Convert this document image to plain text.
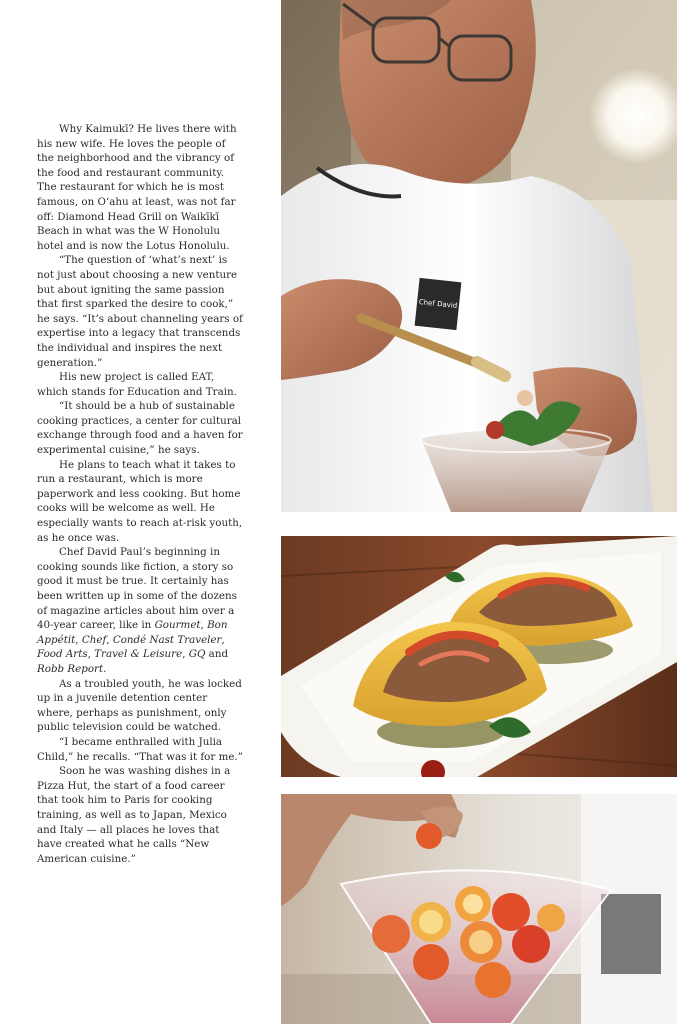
Why Kaimukī? He lives there with his new wife. He loves the people of the neighborhood and the vibrancy of the food and restaurant community. The restaurant for which he is most famous, on O‘ahu at least, was not far off: Diamond Head Grill on Waikīkī Beach in what was the W Honolulu hotel and is now the Lotus Honolulu.

“The question of ‘what’s next’ is not just about choosing a new venture but about igniting the same passion that first sparked the desire to cook,” he says. “It’s about channeling years of expertise into a legacy that transcends the individual and inspires the next generation.”

His new project is called EAT, which stands for Education and Train.

“It should be a hub of sustainable cooking practices, a center for cultural exchange through food and a haven for experimental cuisine,” he says.

He plans to teach what it takes to run a restaurant, which is more paperwork and less cooking. But home cooks will be welcome as well. He especially wants to reach at-risk youth, as he once was.

Chef David Paul’s beginning in cooking sounds like fiction, a story so good it must be true. It certainly has been written up in some of the dozens of magazine articles about him over a 40-year career, like in Gourmet, Bon Appétit, Chef, Condé Nast Traveler, Food Arts, Travel & Leisure, GQ and Robb Report.

As a troubled youth, he was locked up in a juvenile detention center where, perhaps as punishment, only public television could be watched.

“I became enthralled with Julia Child,” he recalls. “That was it for me.”

Soon he was washing dishes in a Pizza Hut, the start of a food career that took him to Paris for cooking training, as well as to Japan, Mexico and Italy — all places he loves that have created what he calls “New American cuisine.”

Chef David
